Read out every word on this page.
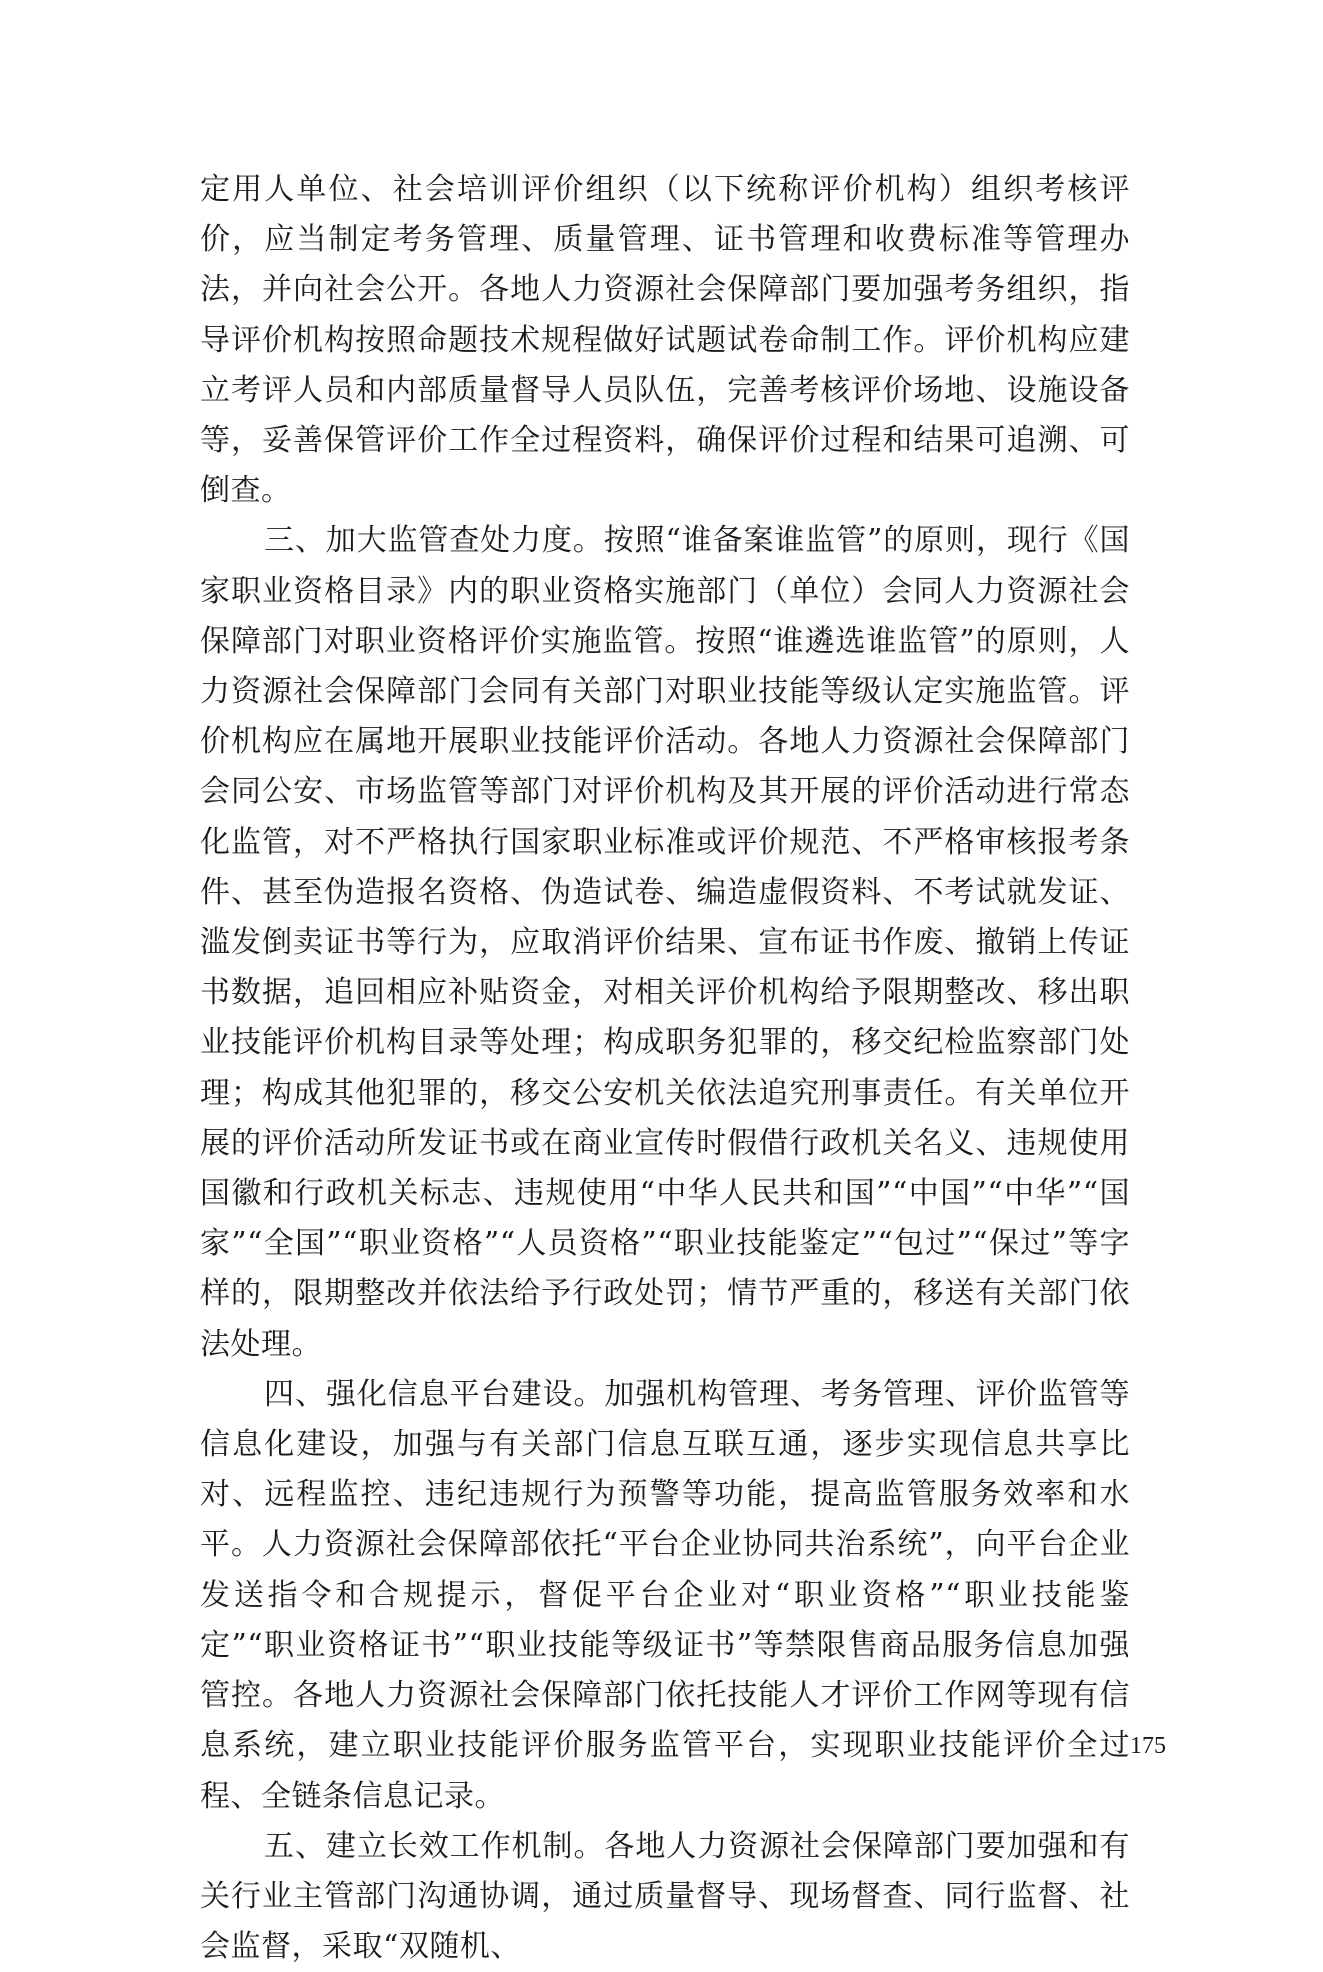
定用人单位、社会培训评价组织（以下统称评价机构）组织考核评价，应当制定考务管理、质量管理、证书管理和收费标准等管理办法，并向社会公开。各地人力资源社会保障部门要加强考务组织，指导评价机构按照命题技术规程做好试题试卷命制工作。评价机构应建立考评人员和内部质量督导人员队伍，完善考核评价场地、设施设备等，妥善保管评价工作全过程资料，确保评价过程和结果可追溯、可倒查。

三、加大监管查处力度。按照“谁备案谁监管”的原则，现行《国家职业资格目录》内的职业资格实施部门（单位）会同人力资源社会保障部门对职业资格评价实施监管。按照“谁遴选谁监管”的原则，人力资源社会保障部门会同有关部门对职业技能等级认定实施监管。评价机构应在属地开展职业技能评价活动。各地人力资源社会保障部门会同公安、市场监管等部门对评价机构及其开展的评价活动进行常态化监管，对不严格执行国家职业标准或评价规范、不严格审核报考条件、甚至伪造报名资格、伪造试卷、编造虚假资料、不考试就发证、滥发倒卖证书等行为，应取消评价结果、宣布证书作废、撤销上传证书数据，追回相应补贴资金，对相关评价机构给予限期整改、移出职业技能评价机构目录等处理；构成职务犯罪的，移交纪检监察部门处理；构成其他犯罪的，移交公安机关依法追究刑事责任。有关单位开展的评价活动所发证书或在商业宣传时假借行政机关名义、违规使用国徽和行政机关标志、违规使用“中华人民共和国”“中国”“中华”“国家”“全国”“职业资格”“人员资格”“职业技能鉴定”“包过”“保过”等字样的，限期整改并依法给予行政处罚；情节严重的，移送有关部门依法处理。

四、强化信息平台建设。加强机构管理、考务管理、评价监管等信息化建设，加强与有关部门信息互联互通，逐步实现信息共享比对、远程监控、违纪违规行为预警等功能，提高监管服务效率和水平。人力资源社会保障部依托“平台企业协同共治系统”，向平台企业发送指令和合规提示，督促平台企业对“职业资格”“职业技能鉴定”“职业资格证书”“职业技能等级证书”等禁限售商品服务信息加强管控。各地人力资源社会保障部门依托技能人才评价工作网等现有信息系统，建立职业技能评价服务监管平台，实现职业技能评价全过程、全链条信息记录。

五、建立长效工作机制。各地人力资源社会保障部门要加强和有关行业主管部门沟通协调，通过质量督导、现场督查、同行监督、社会监督，采取“双随机、

175
